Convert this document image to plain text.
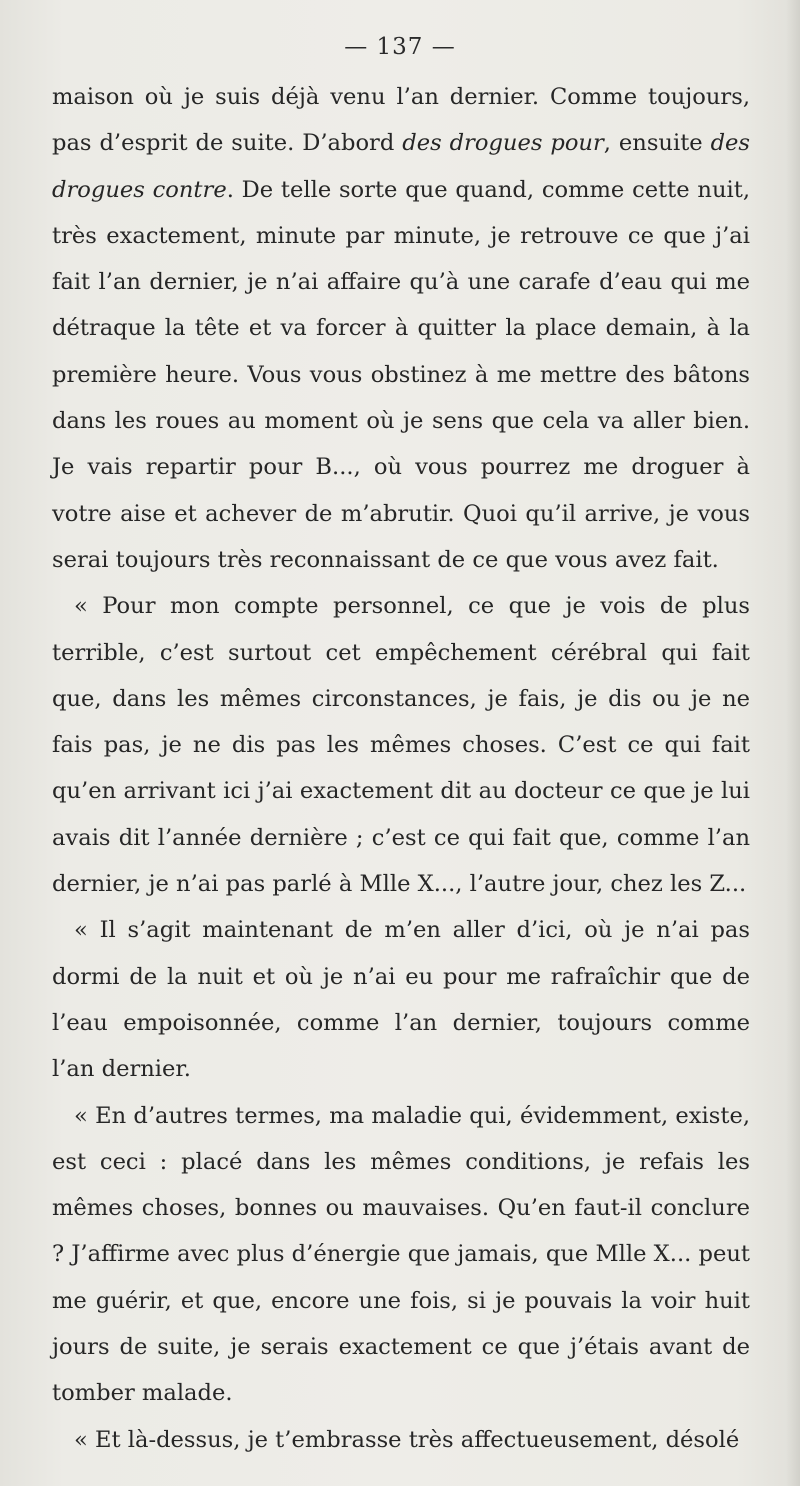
— 137 —

maison où je suis déjà venu l’an dernier. Comme toujours, pas d’esprit de suite. D’abord des drogues pour, ensuite des drogues contre. De telle sorte que quand, comme cette nuit, très exactement, minute par minute, je retrouve ce que j’ai fait l’an dernier, je n’ai affaire qu’à une carafe d’eau qui me détraque la tête et va forcer à quitter la place demain, à la première heure. Vous vous obstinez à me mettre des bâtons dans les roues au moment où je sens que cela va aller bien. Je vais repartir pour B..., où vous pourrez me droguer à votre aise et achever de m’abrutir. Quoi qu’il arrive, je vous serai toujours très reconnaissant de ce que vous avez fait.

« Pour mon compte personnel, ce que je vois de plus terrible, c’est surtout cet empêchement cérébral qui fait que, dans les mêmes circonstances, je fais, je dis ou je ne fais pas, je ne dis pas les mêmes choses. C’est ce qui fait qu’en arrivant ici j’ai exactement dit au docteur ce que je lui avais dit l’année dernière ; c’est ce qui fait que, comme l’an dernier, je n’ai pas parlé à Mlle X..., l’autre jour, chez les Z...

« Il s’agit maintenant de m’en aller d’ici, où je n’ai pas dormi de la nuit et où je n’ai eu pour me rafraîchir que de l’eau empoisonnée, comme l’an dernier, toujours comme l’an dernier.

« En d’autres termes, ma maladie qui, évidemment, existe, est ceci : placé dans les mêmes conditions, je refais les mêmes choses, bonnes ou mauvaises. Qu’en faut-il conclure ? J’affirme avec plus d’énergie que jamais, que Mlle X... peut me guérir, et que, encore une fois, si je pouvais la voir huit jours de suite, je serais exactement ce que j’étais avant de tomber malade.

« Et là-dessus, je t’embrasse très affectueusement, désolé
